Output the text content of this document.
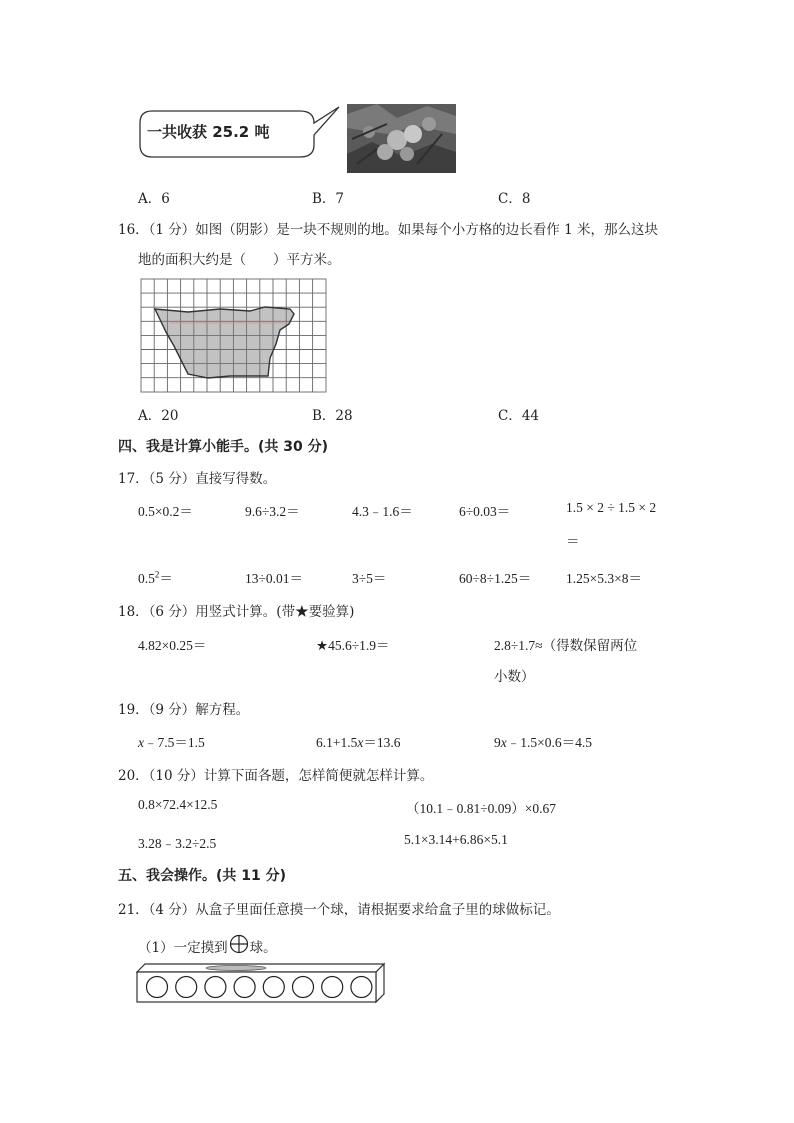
一共收获 25.2 吨
A．6	B．7	C．8
16．（1 分）如图（阴影）是一块不规则的地。如果每个小方格的边长看作 1 米，那么这块
地的面积大约是（　　）平方米。
A．20	B．28	C．44
四、我是计算小能手。(共 30 分)
17．（5 分）直接写得数。
0.5×0.2＝	9.6÷3.2＝	4.3﹣1.6＝	6÷0.03＝	1.5 × 2 ÷ 1.5 × 2
＝
$0.5^2=$	13÷0.01＝	3÷5＝	60÷8÷1.25＝	1.25×5.3×8＝
18．（6 分）用竖式计算。(带★要验算)
4.82×0.25＝	★45.6÷1.9＝	2.8÷1.7≈（得数保留两位
小数）
19．（9 分）解方程。
x﹣7.5＝1.5	6.1+1.5x＝13.6	9x﹣1.5×0.6＝4.5
20．（10 分）计算下面各题，怎样简便就怎样计算。
0.8×72.4×12.5	（10.1﹣0.81÷0.09）×0.67
3.28﹣3.2÷2.5	5.1×3.14+6.86×5.1
五、我会操作。(共 11 分)
21．（4 分）从盒子里面任意摸一个球，请根据要求给盒子里的球做标记。
（1）一定摸到 球。
